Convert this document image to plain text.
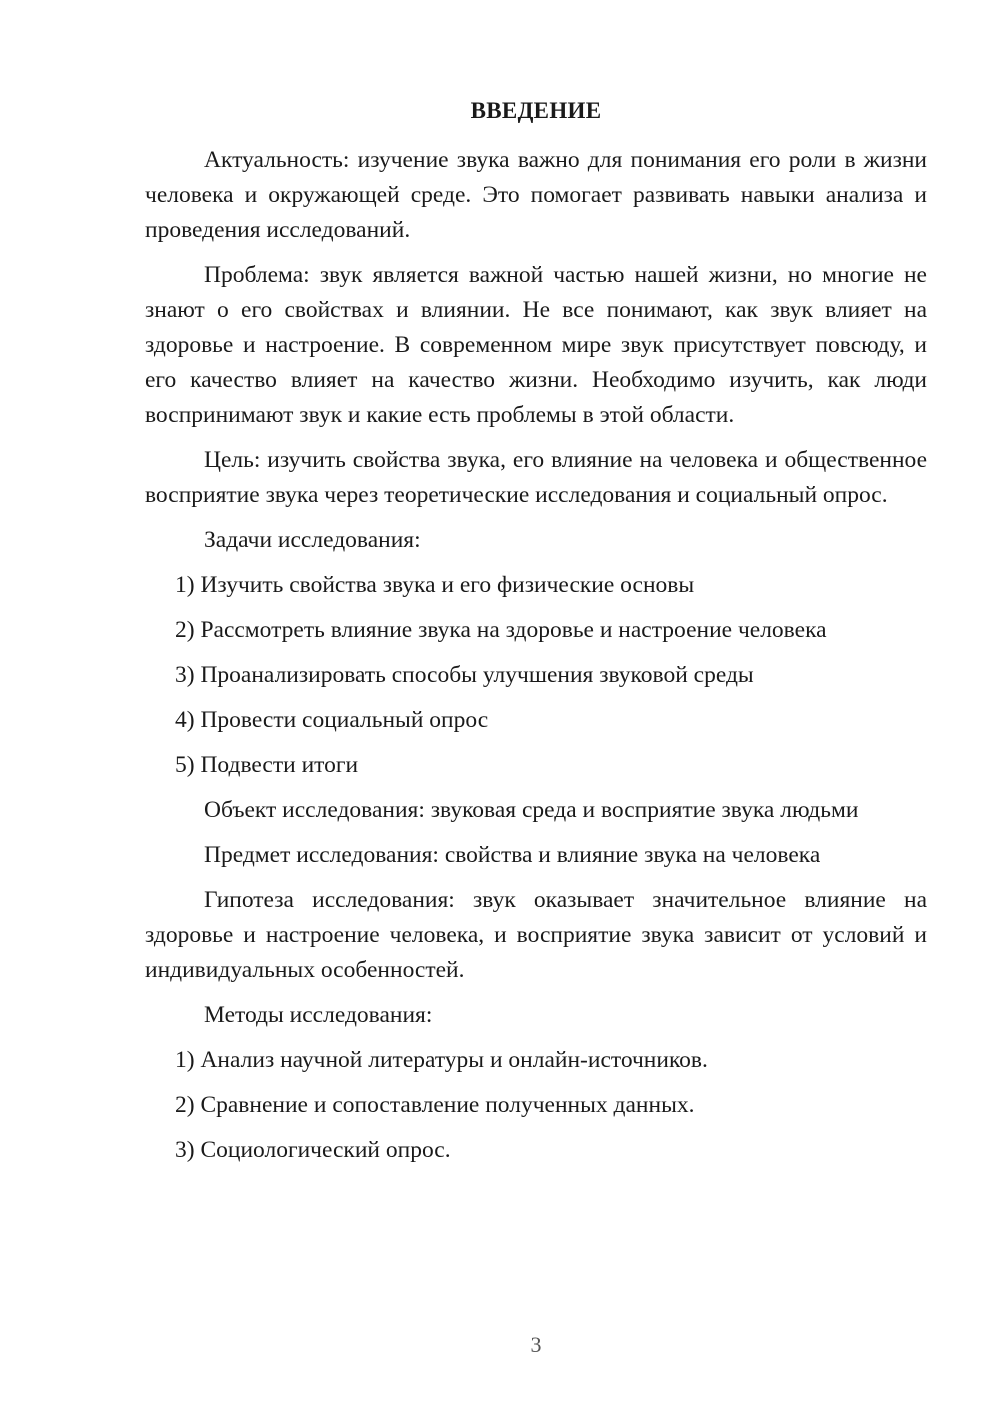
ВВЕДЕНИЕ

Актуальность: изучение звука важно для понимания его роли в жизни человека и окружающей среде. Это помогает развивать навыки анализа и проведения исследований.

Проблема: звук является важной частью нашей жизни, но многие не знают о его свойствах и влиянии. Не все понимают, как звук влияет на здоровье и настроение. В современном мире звук присутствует повсюду, и его качество влияет на качество жизни. Необходимо изучить, как люди воспринимают звук и какие есть проблемы в этой области.

Цель: изучить свойства звука, его влияние на человека и общественное восприятие звука через теоретические исследования и социальный опрос.

Задачи исследования:

1) Изучить свойства звука и его физические основы

2) Рассмотреть влияние звука на здоровье и настроение человека

3) Проанализировать способы улучшения звуковой среды

4) Провести социальный опрос

5) Подвести итоги

Объект исследования: звуковая среда и восприятие звука людьми

Предмет исследования: свойства и влияние звука на человека

Гипотеза исследования: звук оказывает значительное влияние на здоровье и настроение человека, и восприятие звука зависит от условий и индивидуальных особенностей.

Методы исследования:

1) Анализ научной литературы и онлайн-источников.

2) Сравнение и сопоставление полученных данных.

3) Социологический опрос.

3
